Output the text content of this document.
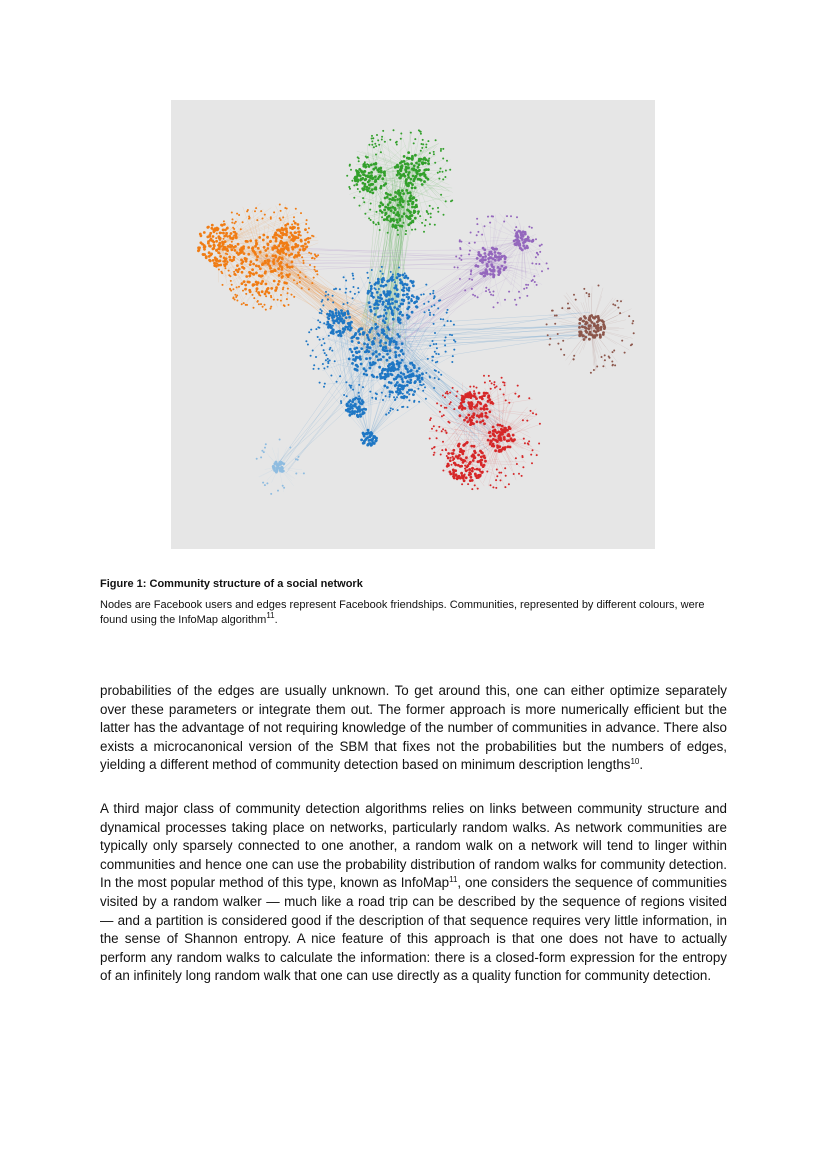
Figure 1: Community structure of a social network
Nodes are Facebook users and edges represent Facebook friendships. Communities, represented by different colours, were found using the InfoMap algorithm$^{11}$.
probabilities of the edges are usually unknown. To get around this, one can either optimize separately over these parameters or integrate them out. The former approach is more numerically efficient but the latter has the advantage of not requiring knowledge of the number of communities in advance. There also exists a microcanonical version of the SBM that fixes not the probabilities but the numbers of edges, yielding a different method of community detection based on minimum description lengths$^{10}$.
A third major class of community detection algorithms relies on links between community structure and dynamical processes taking place on networks, particularly random walks. As network communities are typically only sparsely connected to one another, a random walk on a network will tend to linger within communities and hence one can use the probability distribution of random walks for community detection. In the most popular method of this type, known as InfoMap$^{11}$, one considers the sequence of communities visited by a random walker — much like a road trip can be described by the sequence of regions visited — and a partition is considered good if the description of that sequence requires very little information, in the sense of Shannon entropy. A nice feature of this approach is that one does not have to actually perform any random walks to calculate the information: there is a closed-form expression for the entropy of an infinitely long random walk that one can use directly as a quality function for community detection.
